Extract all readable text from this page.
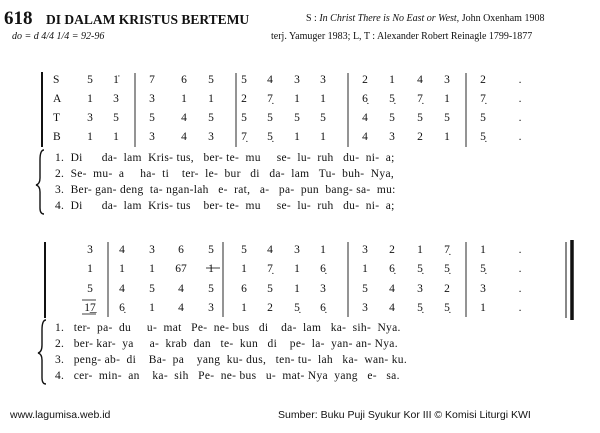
618 DI DALAM KRISTUS BERTEMU	S : In Christ There is No East or West, John Oxenham 1908
do = d 4/4 1/4 = 92-96	terj. Yamuger 1983; L, T : Alexander Robert Reinagle 1799-1877
www.lagumisa.web.id	Sumber: Buku Puji Syukur Kor III © Komisi Liturgi KWI
S
A
T
B
5	1̇	7	6	5	5	4	3	3	2	1	4	3	2	.
1	3	3	1	1	2	7̣	1	1	6̣	5̣	7̣	1	7̣	.
3	5	5	4	5	5	5	5	5	4	5	5	5	5	.
1	1	3	4	3	7̣	5̣	1	1	4	3	2	1	5̣	.
1.  Di      da-  lam  Kris- tus,   ber- te-  mu     se-  lu-  ruh   du-  ni-  a;
2.  Se-  mu-  a     ha-  ti    ter-  le-  bur   di   da-  lam   Tu-  buh-  Nya,
3.  Ber- gan- deng  ta- ngan-lah   e-  rat,   a-   pa-  pun  bang- sa-  mu:
4.  Di      da-  lam  Kris- tus    ber- te-  mu     se-  lu-  ruh   du-  ni-  a;
3	4	3	6	5	5	4	3	1	3	2	1	7̣	1	.
1	1	1	67	1	1	7̣	1	6̣	1	6̣	5̣	5̣	5̣	.
5	4	5	4	5	6	5	1	3	5	4	3	2	3	.
1͟7	6̣	1	4	3	1	2	5̣	6̣	3	4	5̣	5̣	1	.
1.   ter-  pa-  du     u-  mat   Pe-  ne- bus   di    da-  lam   ka-  sih-  Nya.
2.   ber- kar-  ya     a-  krab  dan   te-  kun   di    pe-  la-  yan- an- Nya.
3.   peng- ab-  di    Ba-  pa    yang  ku- dus,   ten- tu-  lah   ka-  wan- ku.
4.   cer-  min-  an    ka-  sih   Pe-  ne- bus   u-  mat- Nya  yang   e-   sa.
